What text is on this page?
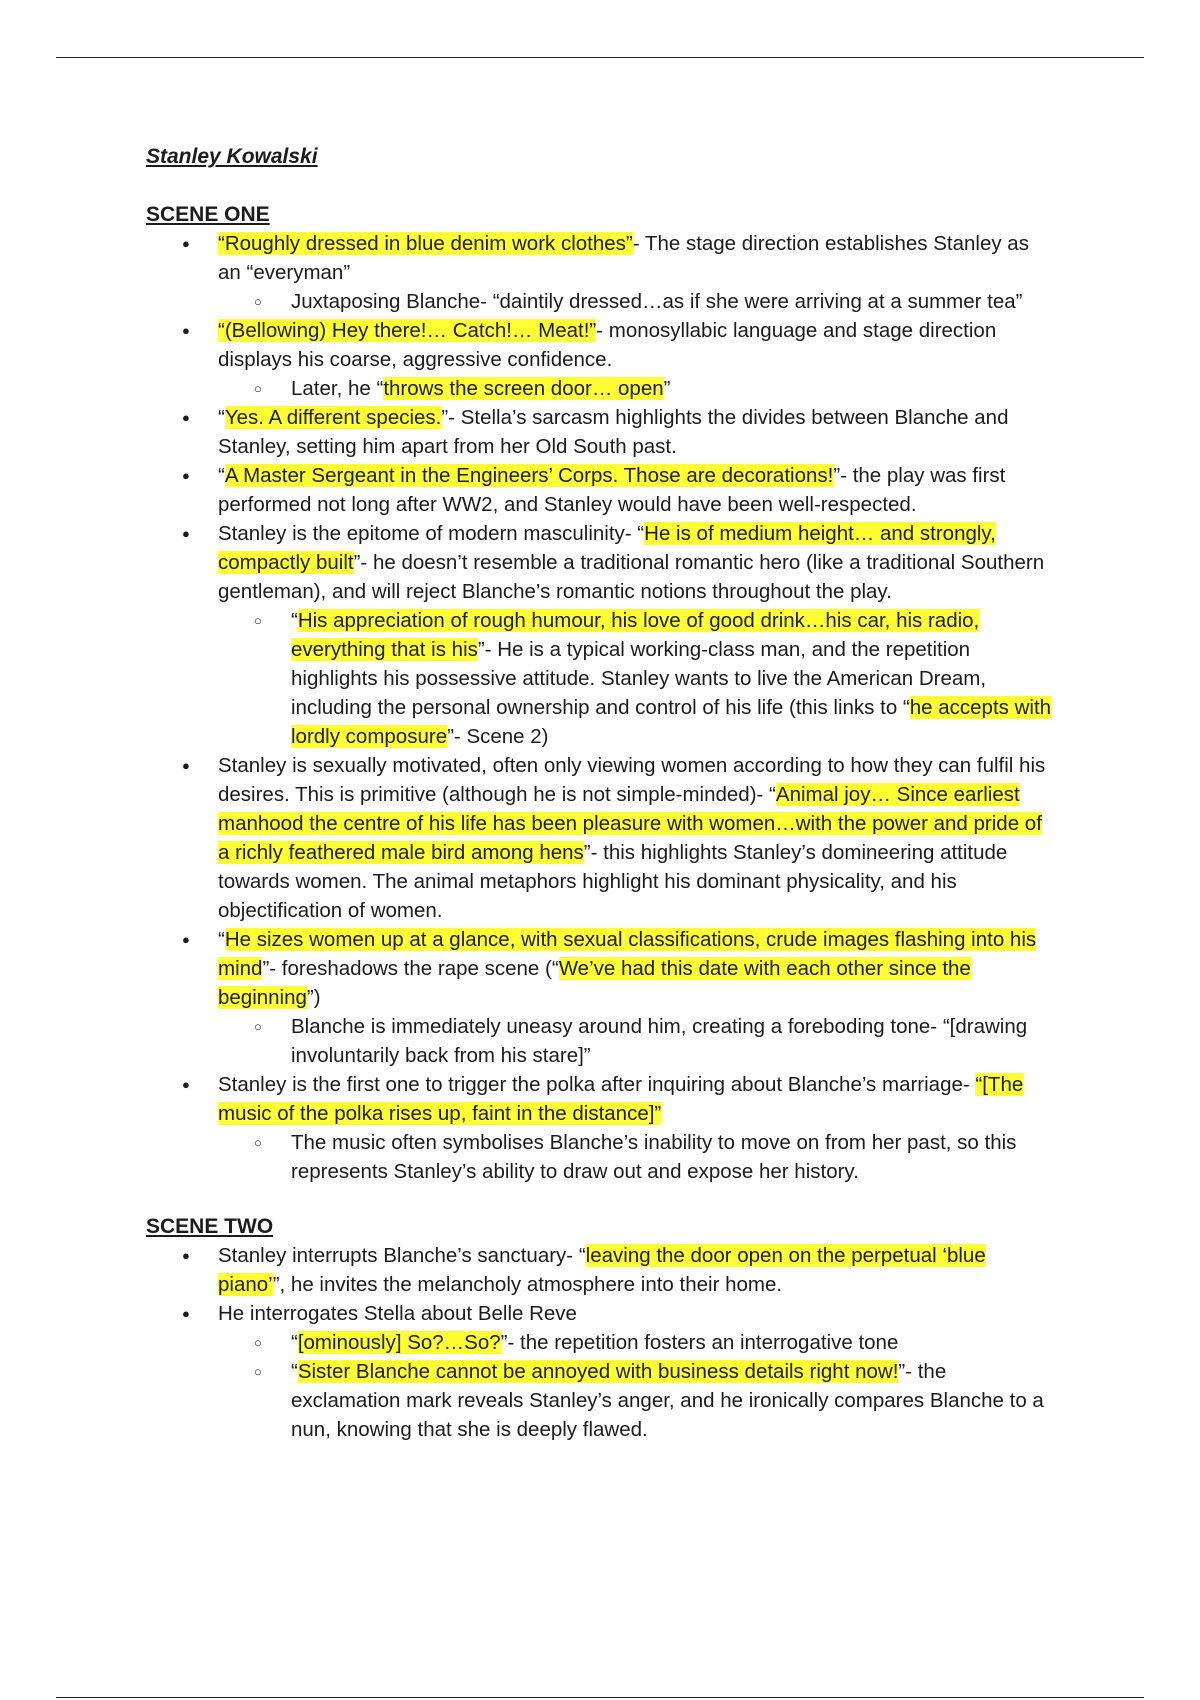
Stanley Kowalski

SCENE ONE

● “Roughly dressed in blue denim work clothes”- The stage direction establishes Stanley as an “everyman”
○ Juxtaposing Blanche- “daintily dressed…as if she were arriving at a summer tea”
● “(Bellowing) Hey there!… Catch!… Meat!”- monosyllabic language and stage direction displays his coarse, aggressive confidence.
○ Later, he “throws the screen door… open”
● “Yes. A different species.”- Stella’s sarcasm highlights the divides between Blanche and Stanley, setting him apart from her Old South past.
● “A Master Sergeant in the Engineers’ Corps. Those are decorations!”- the play was first performed not long after WW2, and Stanley would have been well-respected.
● Stanley is the epitome of modern masculinity- “He is of medium height… and strongly, compactly built”- he doesn’t resemble a traditional romantic hero (like a traditional Southern gentleman), and will reject Blanche’s romantic notions throughout the play.
○ “His appreciation of rough humour, his love of good drink…his car, his radio, everything that is his”- He is a typical working-class man, and the repetition highlights his possessive attitude. Stanley wants to live the American Dream, including the personal ownership and control of his life (this links to “he accepts with lordly composure”- Scene 2)
● Stanley is sexually motivated, often only viewing women according to how they can fulfil his desires. This is primitive (although he is not simple-minded)- “Animal joy… Since earliest manhood the centre of his life has been pleasure with women…with the power and pride of a richly feathered male bird among hens”- this highlights Stanley’s domineering attitude towards women. The animal metaphors highlight his dominant physicality, and his objectification of women.
● “He sizes women up at a glance, with sexual classifications, crude images flashing into his mind”- foreshadows the rape scene (“We’ve had this date with each other since the beginning”)
○ Blanche is immediately uneasy around him, creating a foreboding tone- “[drawing involuntarily back from his stare]”
● Stanley is the first one to trigger the polka after inquiring about Blanche’s marriage- “[The music of the polka rises up, faint in the distance]”
○ The music often symbolises Blanche’s inability to move on from her past, so this represents Stanley’s ability to draw out and expose her history.

SCENE TWO

● Stanley interrupts Blanche’s sanctuary- “leaving the door open on the perpetual ‘blue piano’”, he invites the melancholy atmosphere into their home.
● He interrogates Stella about Belle Reve
○ “[ominously] So?…So?”- the repetition fosters an interrogative tone
○ “Sister Blanche cannot be annoyed with business details right now!”- the exclamation mark reveals Stanley’s anger, and he ironically compares Blanche to a nun, knowing that she is deeply flawed.
